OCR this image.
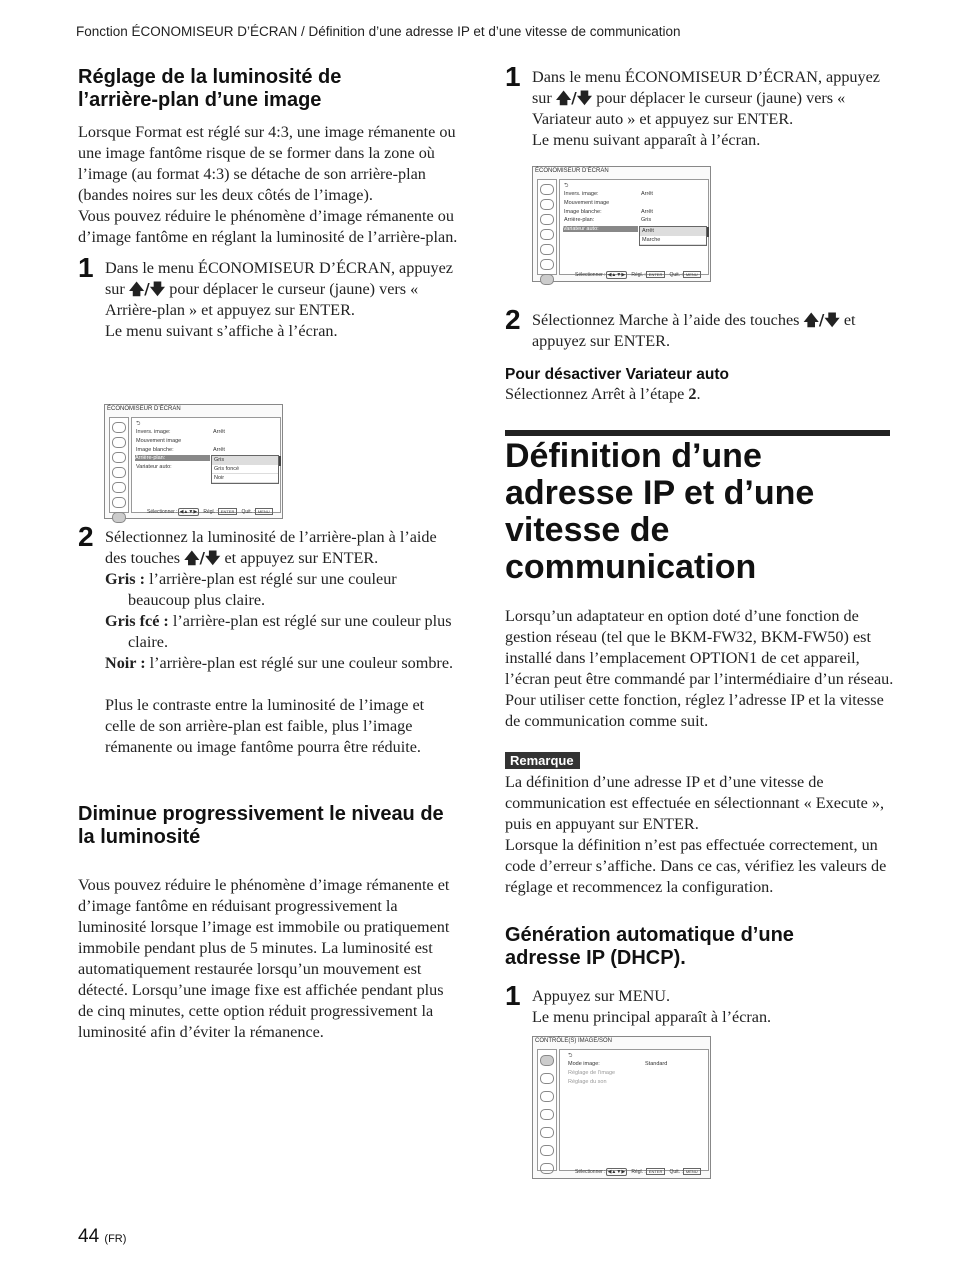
Fonction ÉCONOMISEUR D’ÉCRAN / Définition d’une adresse IP et d’une vitesse de communication
Réglage de la luminosité de l’arrière-plan d’une image

Lorsque Format est réglé sur 4:3, une image rémanente ou une image fantôme risque de se former dans la zone où l’image (au format 4:3) se détache de son arrière-plan (bandes noires sur les deux côtés de l’image).

Vous pouvez réduire le phénomène d’image rémanente ou d’image fantôme en réglant la luminosité de l’arrière-plan.

1 Dans le menu ÉCONOMISEUR D’ÉCRAN, appuyez sur 🡅/🡇 pour déplacer le curseur (jaune) vers « Arrière-plan » et appuyez sur ENTER.

Le menu suivant s’affiche à l’écran.

ÉCONOMISEUR D’ÉCRAN
⮌
Invers. image:	Arrêt
Mouvement image
Image blanche:	Arrêt
Arrière-plan:
Variateur auto:
Gris
Gris foncé
Noir
Sélectionner : ◀▲▼▶ Régl. : ENTER Quit. : MENU
2 Sélectionnez la luminosité de l’arrière-plan à l’aide des touches 🡅/🡇 et appuyez sur ENTER.

Gris : l’arrière-plan est réglé sur une couleur beaucoup plus claire.
Gris fcé : l’arrière-plan est réglé sur une couleur plus claire.
Noir : l’arrière-plan est réglé sur une couleur sombre.

Plus le contraste entre la luminosité de l’image et celle de son arrière-plan est faible, plus l’image rémanente ou image fantôme pourra être réduite.

Diminue progressivement le niveau de la luminosité

Vous pouvez réduire le phénomène d’image rémanente et d’image fantôme en réduisant progressivement la luminosité lorsque l’image est immobile ou pratiquement immobile pendant plus de 5 minutes. La luminosité est automatiquement restaurée lorsqu’un mouvement est détecté. Lorsqu’une image fixe est affichée pendant plus de cinq minutes, cette option réduit progressivement la luminosité afin d’éviter la rémanence.

1 Dans le menu ÉCONOMISEUR D’ÉCRAN, appuyez sur 🡅/🡇 pour déplacer le curseur (jaune) vers « Variateur auto » et appuyez sur ENTER.

Le menu suivant apparaît à l’écran.

ÉCONOMISEUR D’ÉCRAN
⮌
Invers. image:	Arrêt
Mouvement image
Image blanche:	Arrêt
Arrière-plan:	Gris
Variateur auto:	Arrêt
Marche
Sélectionner : ◀▲▼▶ Régl. : ENTER Quit. : MENU
2 Sélectionnez Marche à l’aide des touches 🡅/🡇 et appuyez sur ENTER.

Pour désactiver Variateur auto

Sélectionnez Arrêt à l’étape 2.

Définition d’une adresse IP et d’une vitesse de communication

Lorsqu’un adaptateur en option doté d’une fonction de gestion réseau (tel que le BKM-FW32, BKM-FW50) est installé dans l’emplacement OPTION1 de cet appareil, l’écran peut être commandé par l’intermédiaire d’un réseau. Pour utiliser cette fonction, réglez l’adresse IP et la vitesse de communication comme suit.

Remarque

La définition d’une adresse IP et d’une vitesse de communication est effectuée en sélectionnant « Execute », puis en appuyant sur ENTER.

Lorsque la définition n’est pas effectuée correctement, un code d’erreur s’affiche. Dans ce cas, vérifiez les valeurs de réglage et recommencez la configuration.

Génération automatique d’une adresse IP (DHCP).
1 Appuyez sur MENU.

Le menu principal apparaît à l’écran.

CONTRÔLE(S) IMAGE/SON
⮌
Mode image:	Standard
Réglage de l’image
Réglage du son
Sélectionner : ◀▲▼▶ Régl. : ENTER Quit. : MENU
44 (FR)
